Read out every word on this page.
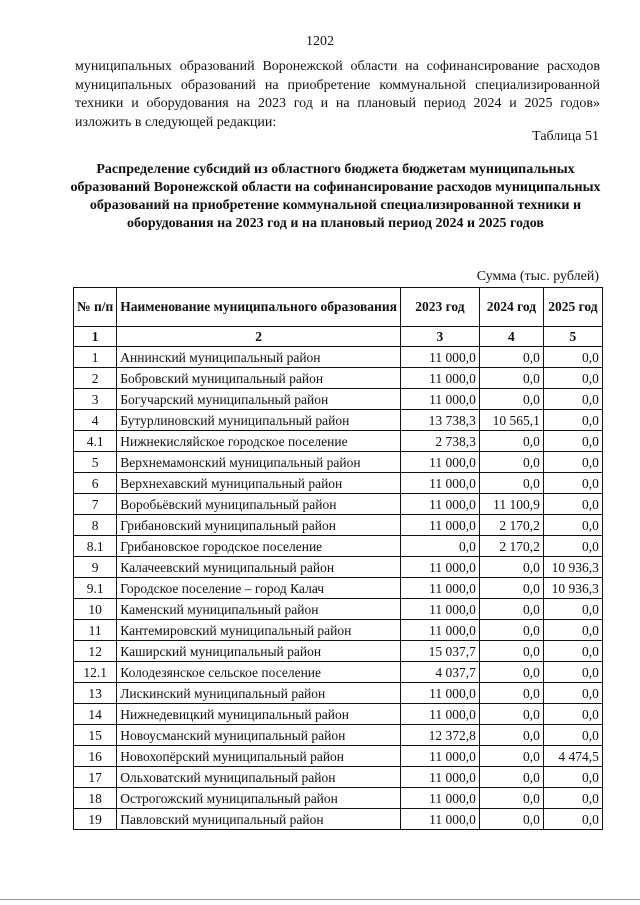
1202
муниципальных образований Воронежской области на софинансирование расходов муниципальных образований на приобретение коммунальной специализированной техники и оборудования на 2023 год и на плановый период 2024 и 2025 годов» изложить в следующей редакции:
Таблица 51
Распределение субсидий из областного бюджета бюджетам муниципальных образований Воронежской области на софинансирование расходов муниципальных образований на приобретение коммунальной специализированной техники и оборудования на 2023 год и на плановый период 2024 и 2025 годов
Сумма (тыс. рублей)
№ п/п	Наименование муниципального образования	2023 год	2024 год	2025 год
1	2	3	4	5
1	Аннинский муниципальный район	11 000,0	0,0	0,0
2	Бобровский муниципальный район	11 000,0	0,0	0,0
3	Богучарский муниципальный район	11 000,0	0,0	0,0
4	Бутурлиновский муниципальный район	13 738,3	10 565,1	0,0
4.1	Нижнекисляйское городское поселение	2 738,3	0,0	0,0
5	Верхнемамонский муниципальный район	11 000,0	0,0	0,0
6	Верхнехавский муниципальный район	11 000,0	0,0	0,0
7	Воробьёвский муниципальный район	11 000,0	11 100,9	0,0
8	Грибановский муниципальный район	11 000,0	2 170,2	0,0
8.1	Грибановское городское поселение	0,0	2 170,2	0,0
9	Калачеевский муниципальный район	11 000,0	0,0	10 936,3
9.1	Городское поселение – город Калач	11 000,0	0,0	10 936,3
10	Каменский муниципальный район	11 000,0	0,0	0,0
11	Кантемировский муниципальный район	11 000,0	0,0	0,0
12	Каширский муниципальный район	15 037,7	0,0	0,0
12.1	Колодезянское сельское поселение	4 037,7	0,0	0,0
13	Лискинский муниципальный район	11 000,0	0,0	0,0
14	Нижнедевицкий муниципальный район	11 000,0	0,0	0,0
15	Новоусманский муниципальный район	12 372,8	0,0	0,0
16	Новохопёрский муниципальный район	11 000,0	0,0	4 474,5
17	Ольховатский муниципальный район	11 000,0	0,0	0,0
18	Острогожский муниципальный район	11 000,0	0,0	0,0
19	Павловский муниципальный район	11 000,0	0,0	0,0
